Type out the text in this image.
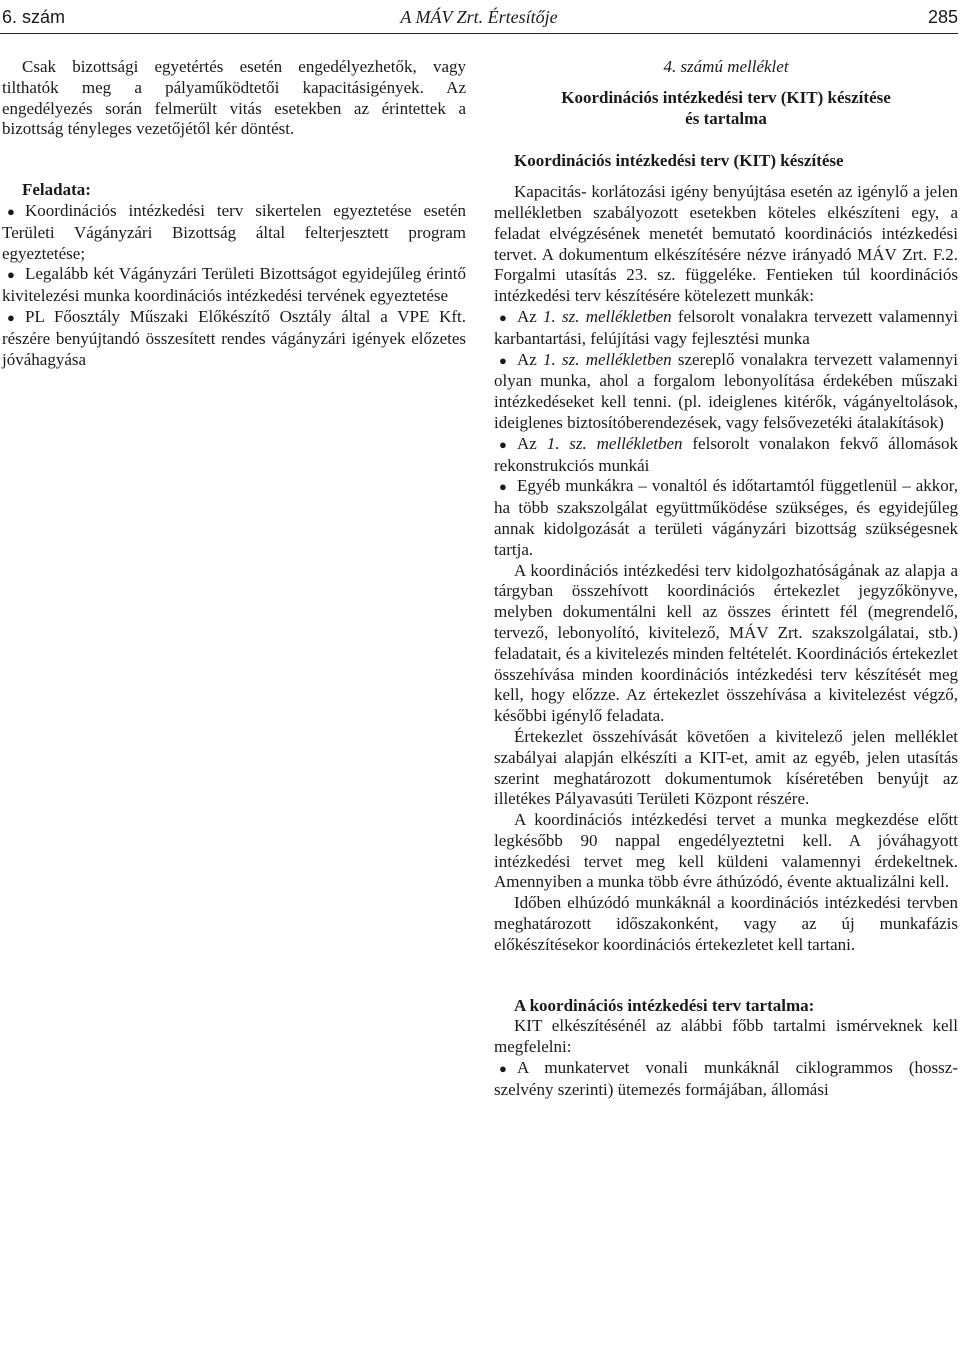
6. szám	A MÁV Zrt. Értesítője	285

Csak bizottsági egyetértés esetén engedélyezhetők, vagy tilthatók meg a pályaműködtetői kapacitásigények. Az engedélyezés során felmerült vitás esetekben az érintettek a bizottság tényleges vezetőjétől kér döntést.

Feladata:

● Koordinációs intézkedési terv sikertelen egyeztetése esetén Területi Vágányzári Bizottság által felterjesztett program egyeztetése;

● Legalább két Vágányzári Területi Bizottságot egyidejűleg érintő kivitelezési munka koordinációs intézkedési tervének egyeztetése

● PL Főosztály Műszaki Előkészítő Osztály által a VPE Kft. részére benyújtandó összesített rendes vágányzári igények előzetes jóváhagyása

4. számú melléklet

Koordinációs intézkedési terv (KIT) készítése

és tartalma

Koordinációs intézkedési terv (KIT) készítése

Kapacitás- korlátozási igény benyújtása esetén az igénylő a jelen mellékletben szabályozott esetekben köteles elkészíteni egy, a feladat elvégzésének menetét bemutató koordinációs intézkedési tervet. A dokumentum elkészítésére nézve irányadó MÁV Zrt. F.2. Forgalmi utasítás 23. sz. függeléke. Fentieken túl koordinációs intézkedési terv készítésére kötelezett munkák:

● Az 1. sz. mellékletben felsorolt vonalakra tervezett valamennyi karbantartási, felújítási vagy fejlesztési munka

● Az 1. sz. mellékletben szereplő vonalakra tervezett valamennyi olyan munka, ahol a forgalom lebonyolítása érdekében műszaki intézkedéseket kell tenni. (pl. ideiglenes kitérők, vágányeltolások, ideiglenes biztosítóberendezések, vagy felsővezetéki átalakítások)

● Az 1. sz. mellékletben felsorolt vonalakon fekvő állomások rekonstrukciós munkái

● Egyéb munkákra – vonaltól és időtartamtól függetlenül – akkor, ha több szakszolgálat együttműködése szükséges, és egyidejűleg annak kidolgozását a területi vágányzári bizottság szükségesnek tartja.

A koordinációs intézkedési terv kidolgozhatóságának az alapja a tárgyban összehívott koordinációs értekezlet jegyzőkönyve, melyben dokumentálni kell az összes érintett fél (megrendelő, tervező, lebonyolító, kivitelező, MÁV Zrt. szakszolgálatai, stb.) feladatait, és a kivitelezés minden feltételét. Koordinációs értekezlet összehívása minden koordinációs intézkedési terv készítését meg kell, hogy előzze. Az értekezlet összehívása a kivitelezést végző, későbbi igénylő feladata.

Értekezlet összehívását követően a kivitelező jelen melléklet szabályai alapján elkészíti a KIT-et, amit az egyéb, jelen utasítás szerint meghatározott dokumentumok kíséretében benyújt az illetékes Pályavasúti Területi Központ részére.

A koordinációs intézkedési tervet a munka megkezdése előtt legkésőbb 90 nappal engedélyeztetni kell. A jóváhagyott intézkedési tervet meg kell küldeni valamennyi érdekeltnek. Amennyiben a munka több évre áthúzódó, évente aktualizálni kell.

Időben elhúzódó munkáknál a koordinációs intézkedési tervben meghatározott időszakonként, vagy az új munkafázis előkészítésekor koordinációs értekezletet kell tartani.

A koordinációs intézkedési terv tartalma:

KIT elkészítésénél az alábbi főbb tartalmi ismérveknek kell megfelelni:

● A munkatervet vonali munkáknál ciklogrammos (hossz-szelvény szerinti) ütemezés formájában, állomási
